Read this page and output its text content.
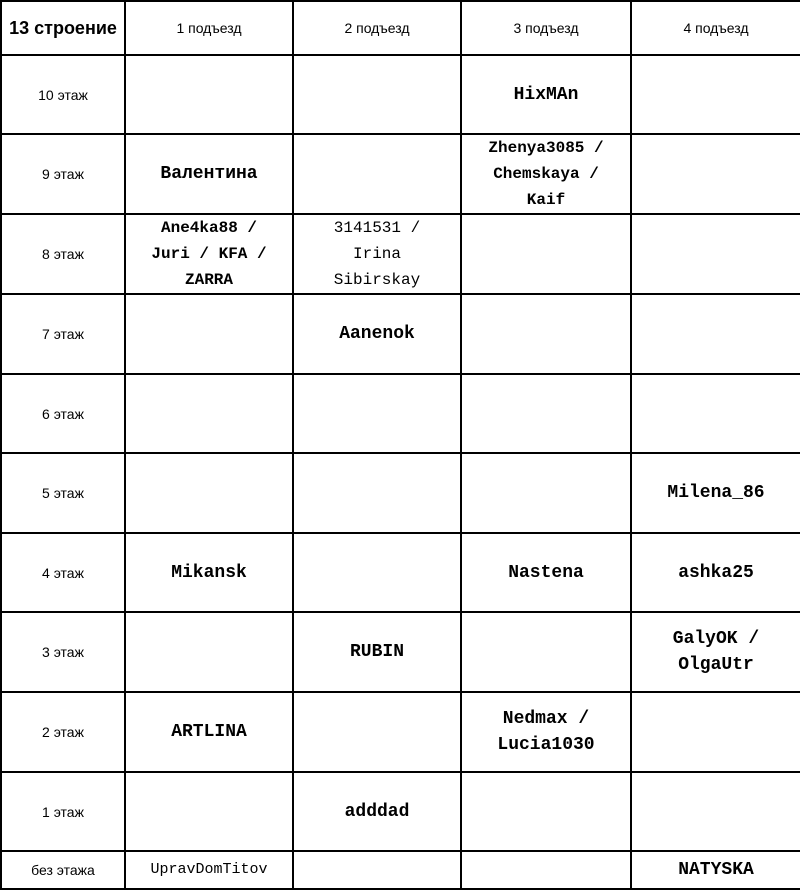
13 строение	1 подъезд	2 подъезд	3 подъезд	4 подъезд
10 этаж			HixMAn	

9 этаж	Валентина		Zhenya3085 /
Chemskaya /
Kaif	

8 этаж	Ane4ka88 /
Juri / KFA /
ZARRA	3141531 /
Irina
Sibirskay		

7 этаж		Aanenok		

6 этаж				
5 этаж				Milena_86

4 этаж	Mikansk		Nastena	ashka25

3 этаж		RUBIN		GalyOK /
OlgaUtr

2 этаж	ARTLINA		Nedmax /
Lucia1030	

1 этаж		adddad		

без этажа	UpravDomTitov			NATYSKA
